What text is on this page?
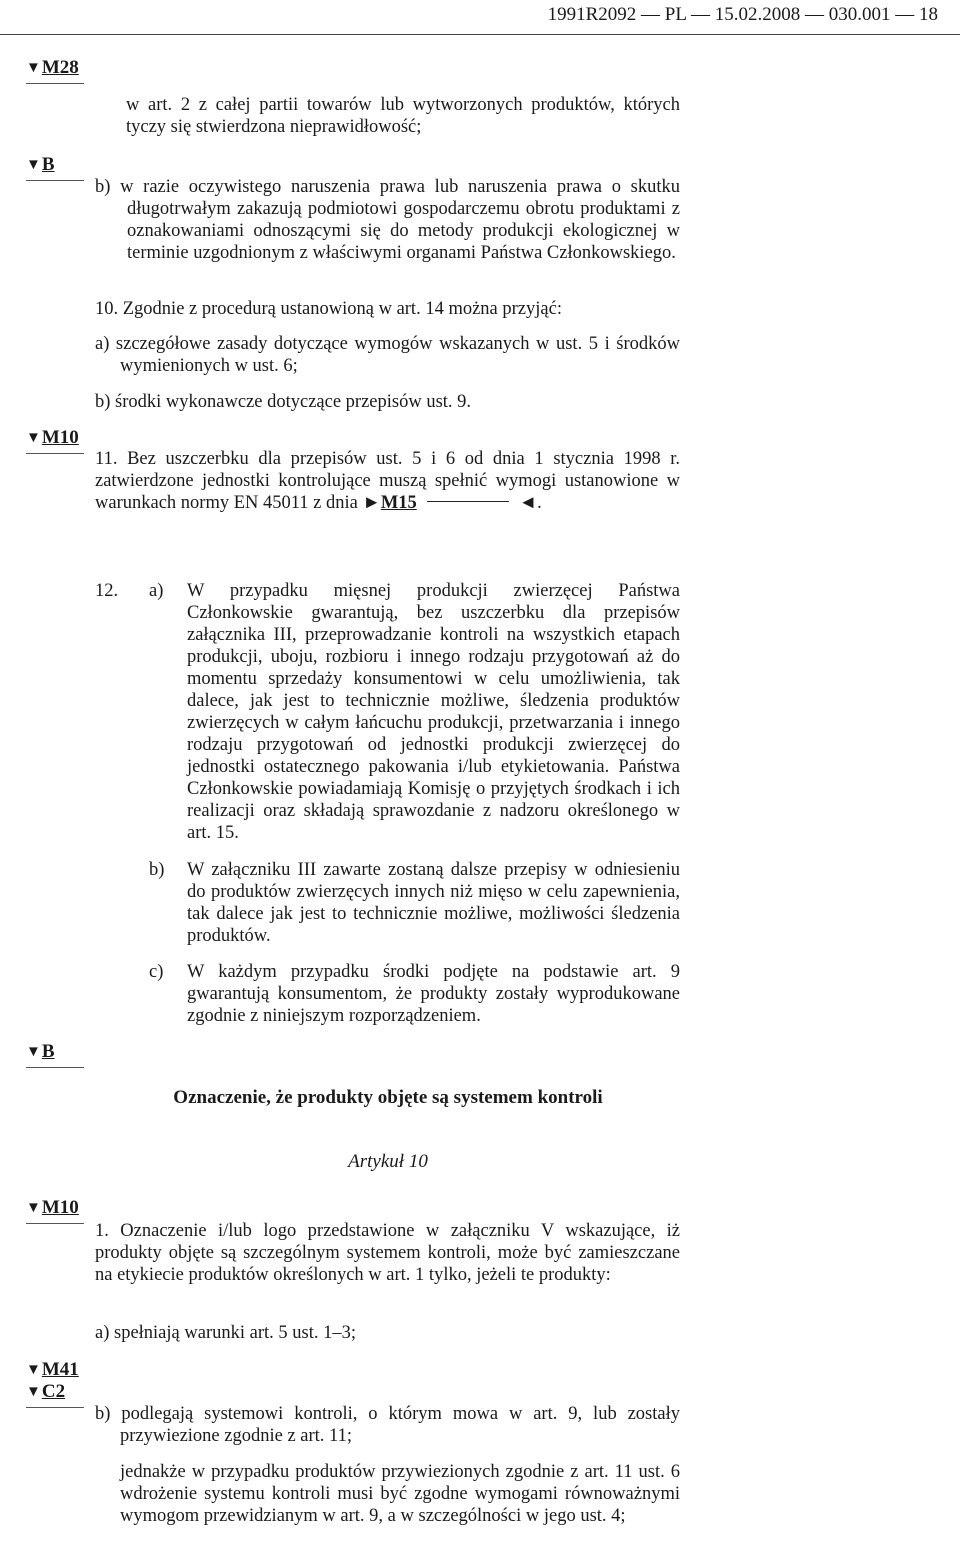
1991R2092 — PL — 15.02.2008 — 030.001 — 18
▼M28
▼B
▼M10
▼B
▼M10
▼M41
▼C2

w art. 2 z całej partii towarów lub wytworzonych produktów, których tyczy się stwierdzona nieprawidłowość;

b) w razie oczywistego naruszenia prawa lub naruszenia prawa o skutku długotrwałym zakazują podmiotowi gospodarczemu obrotu produktami z oznakowaniami odnoszącymi się do metody produkcji ekologicznej w terminie uzgodnionym z właściwymi organami Państwa Członkowskiego.

10. Zgodnie z procedurą ustanowioną w art. 14 można przyjąć:

a) szczegółowe zasady dotyczące wymogów wskazanych w ust. 5 i środków wymienionych w ust. 6;

b) środki wykonawcze dotyczące przepisów ust. 9.

11. Bez uszczerbku dla przepisów ust. 5 i 6 od dnia 1 stycznia 1998 r. zatwierdzone jednostki kontrolujące muszą spełnić wymogi ustanowione w warunkach normy EN 45011 z dnia ►M15	◄.

12. a) W przypadku mięsnej produkcji zwierzęcej Państwa Członkowskie gwarantują, bez uszczerbku dla przepisów załącznika III, przeprowadzanie kontroli na wszystkich etapach produkcji, uboju, rozbioru i innego rodzaju przygotowań aż do momentu sprzedaży konsumentowi w celu umożliwienia, tak dalece, jak jest to technicznie możliwe, śledzenia produktów zwierzęcych w całym łańcuchu produkcji, przetwarzania i innego rodzaju przygotowań od jednostki produkcji zwierzęcej do jednostki ostatecznego pakowania i/lub etykietowania. Państwa Członkowskie powiadamiają Komisję o przyjętych środkach i ich realizacji oraz składają sprawozdanie z nadzoru określonego w art. 15.

b) W załączniku III zawarte zostaną dalsze przepisy w odniesieniu do produktów zwierzęcych innych niż mięso w celu zapewnienia, tak dalece jak jest to technicznie możliwe, możliwości śledzenia produktów.

c) W każdym przypadku środki podjęte na podstawie art. 9 gwarantują konsumentom, że produkty zostały wyprodukowane zgodnie z niniejszym rozporządzeniem.

Oznaczenie, że produkty objęte są systemem kontroli

Artykuł 10

1. Oznaczenie i/lub logo przedstawione w załączniku V wskazujące, iż produkty objęte są szczególnym systemem kontroli, może być zamieszczane na etykiecie produktów określonych w art. 1 tylko, jeżeli te produkty:

a) spełniają warunki art. 5 ust. 1–3;

b) podlegają systemowi kontroli, o którym mowa w art. 9, lub zostały przywiezione zgodnie z art. 11;

jednakże w przypadku produktów przywiezionych zgodnie z art. 11 ust. 6 wdrożenie systemu kontroli musi być zgodne wymogami równoważnymi wymogom przewidzianym w art. 9, a w szczególności w jego ust. 4;
